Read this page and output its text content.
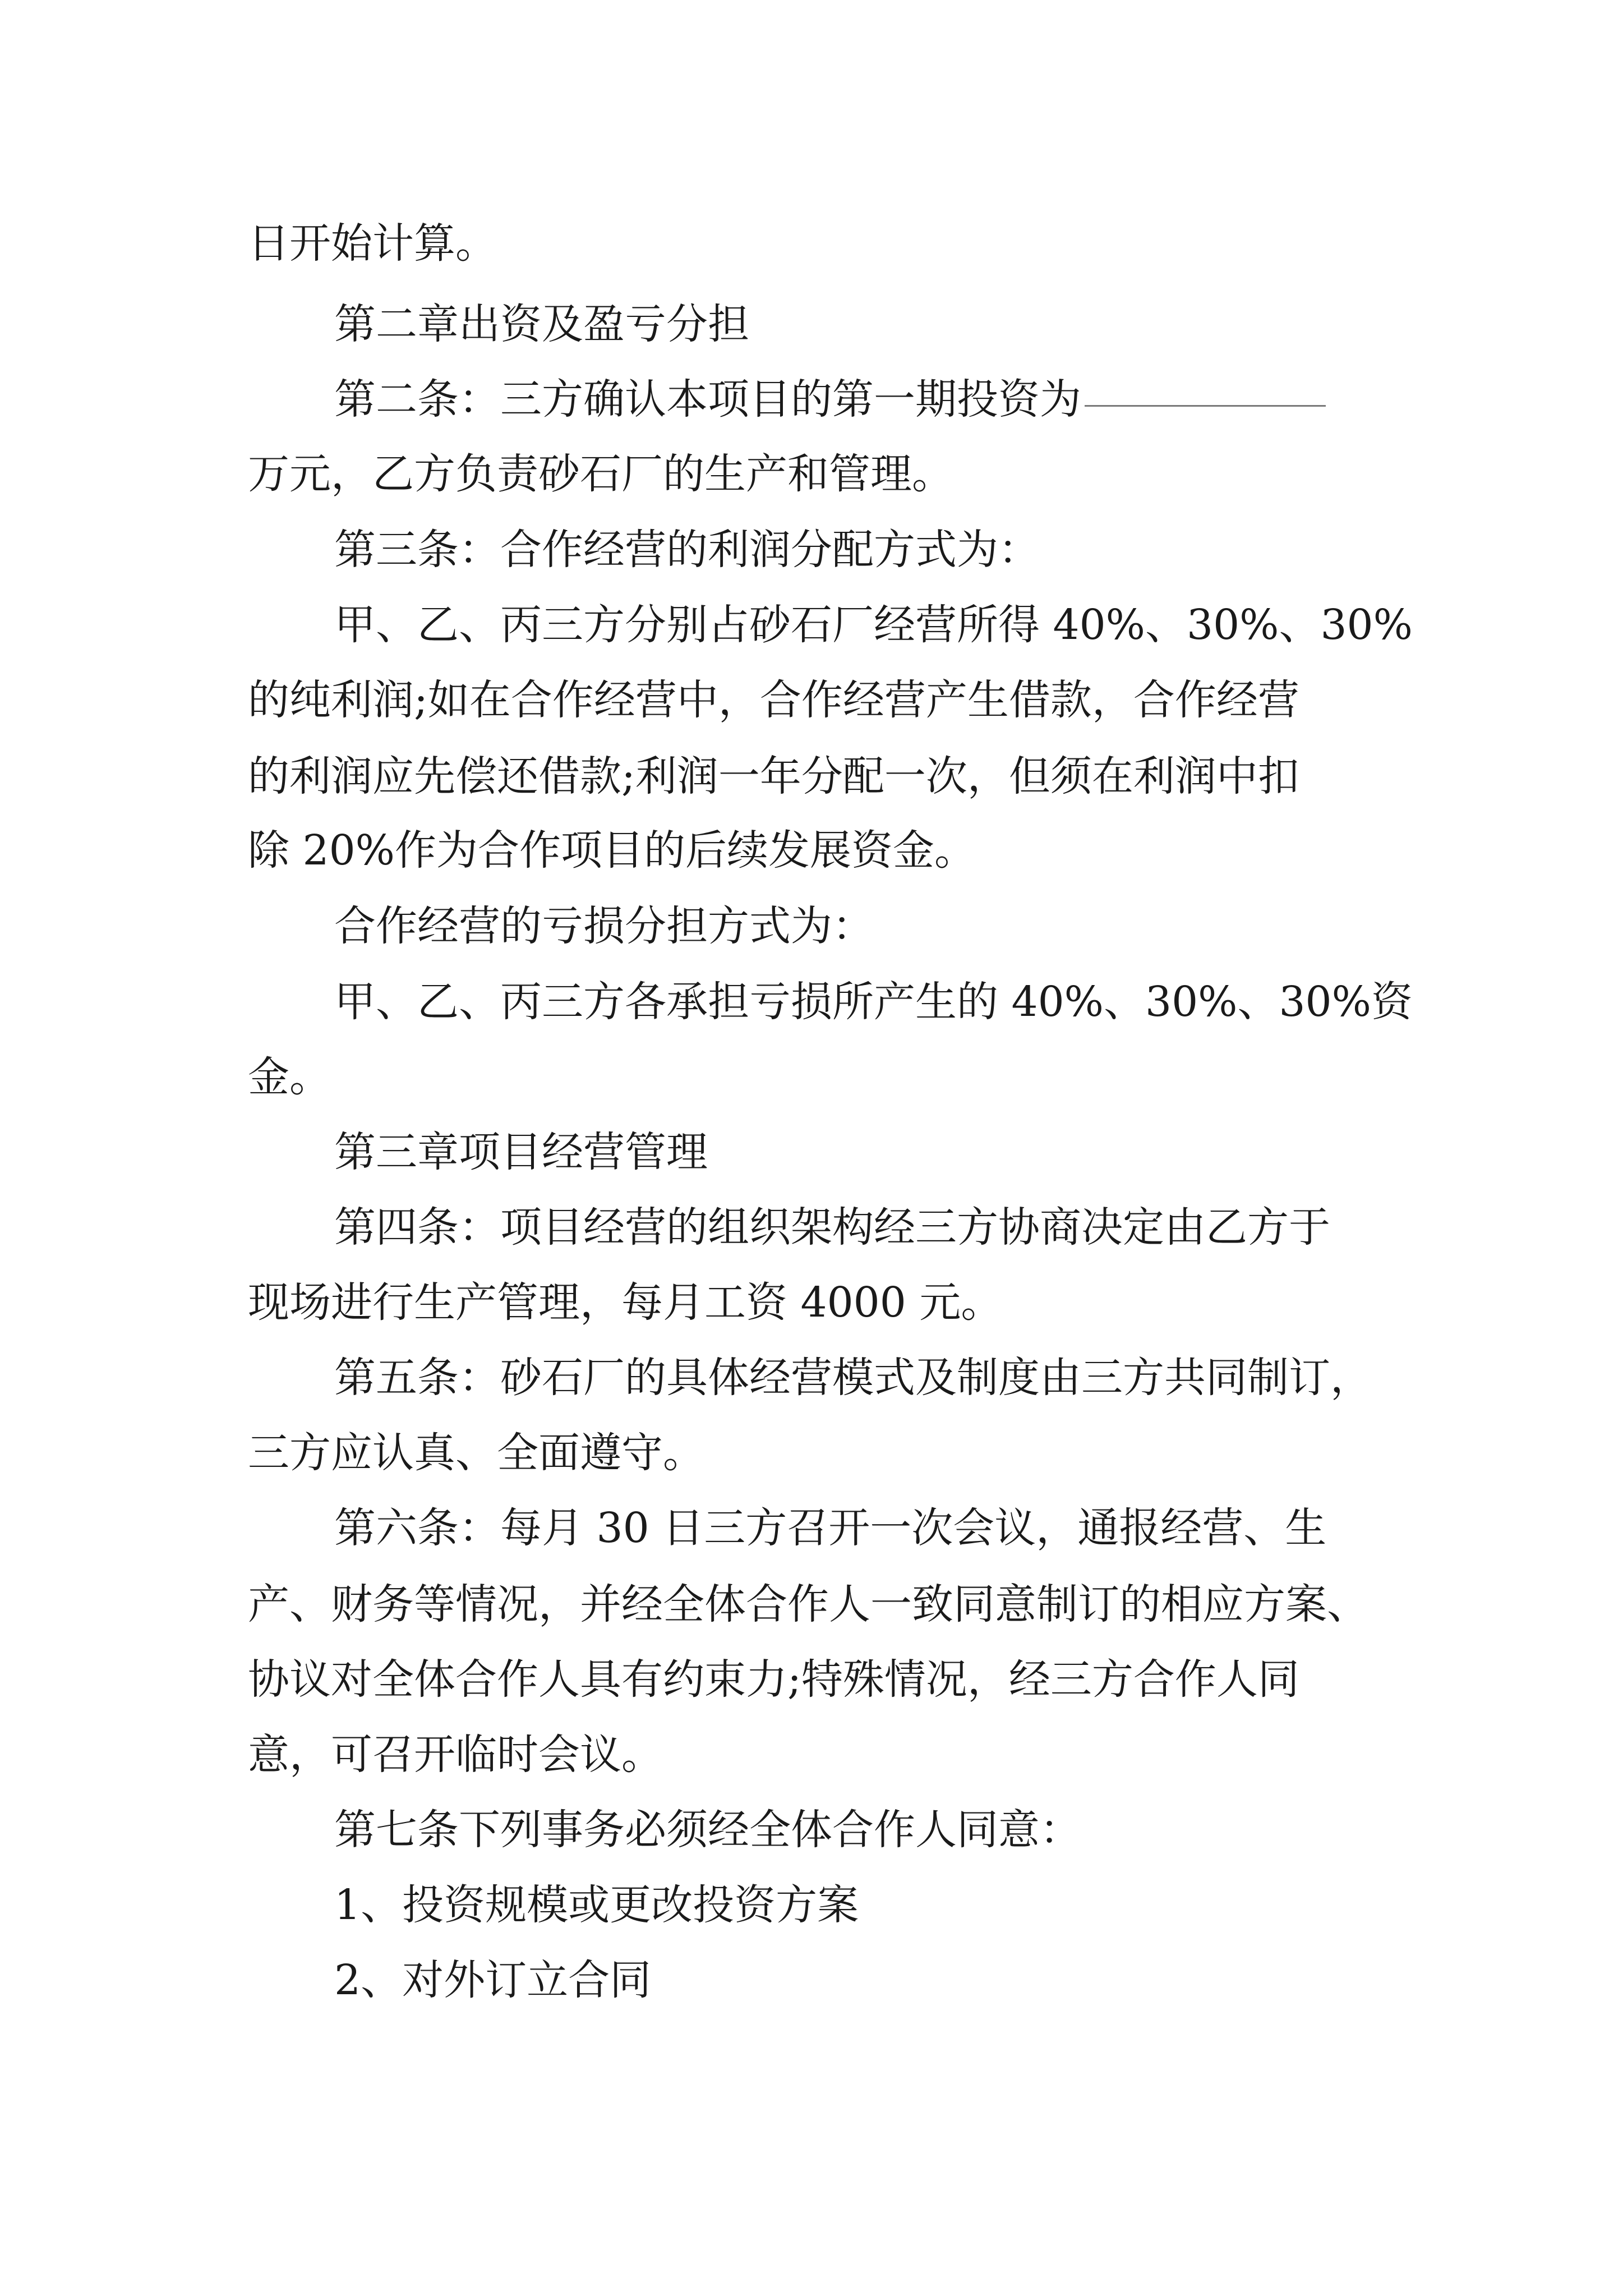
日开始计算。

第二章出资及盈亏分担

第二条：三方确认本项目的第一期投资为

万元，乙方负责砂石厂的生产和管理。

第三条：合作经营的利润分配方式为：

甲、乙、丙三方分别占砂石厂经营所得 40%、30%、30%

的纯利润;如在合作经营中，合作经营产生借款，合作经营

的利润应先偿还借款;利润一年分配一次，但须在利润中扣

除 20%作为合作项目的后续发展资金。

合作经营的亏损分担方式为：

甲、乙、丙三方各承担亏损所产生的 40%、30%、30%资

金。

第三章项目经营管理

第四条：项目经营的组织架构经三方协商决定由乙方于

现场进行生产管理，每月工资 4000 元。

第五条：砂石厂的具体经营模式及制度由三方共同制订，

三方应认真、全面遵守。

第六条：每月 30 日三方召开一次会议，通报经营、生

产、财务等情况，并经全体合作人一致同意制订的相应方案、

协议对全体合作人具有约束力;特殊情况，经三方合作人同

意，可召开临时会议。

第七条下列事务必须经全体合作人同意：

1、投资规模或更改投资方案

2、对外订立合同
